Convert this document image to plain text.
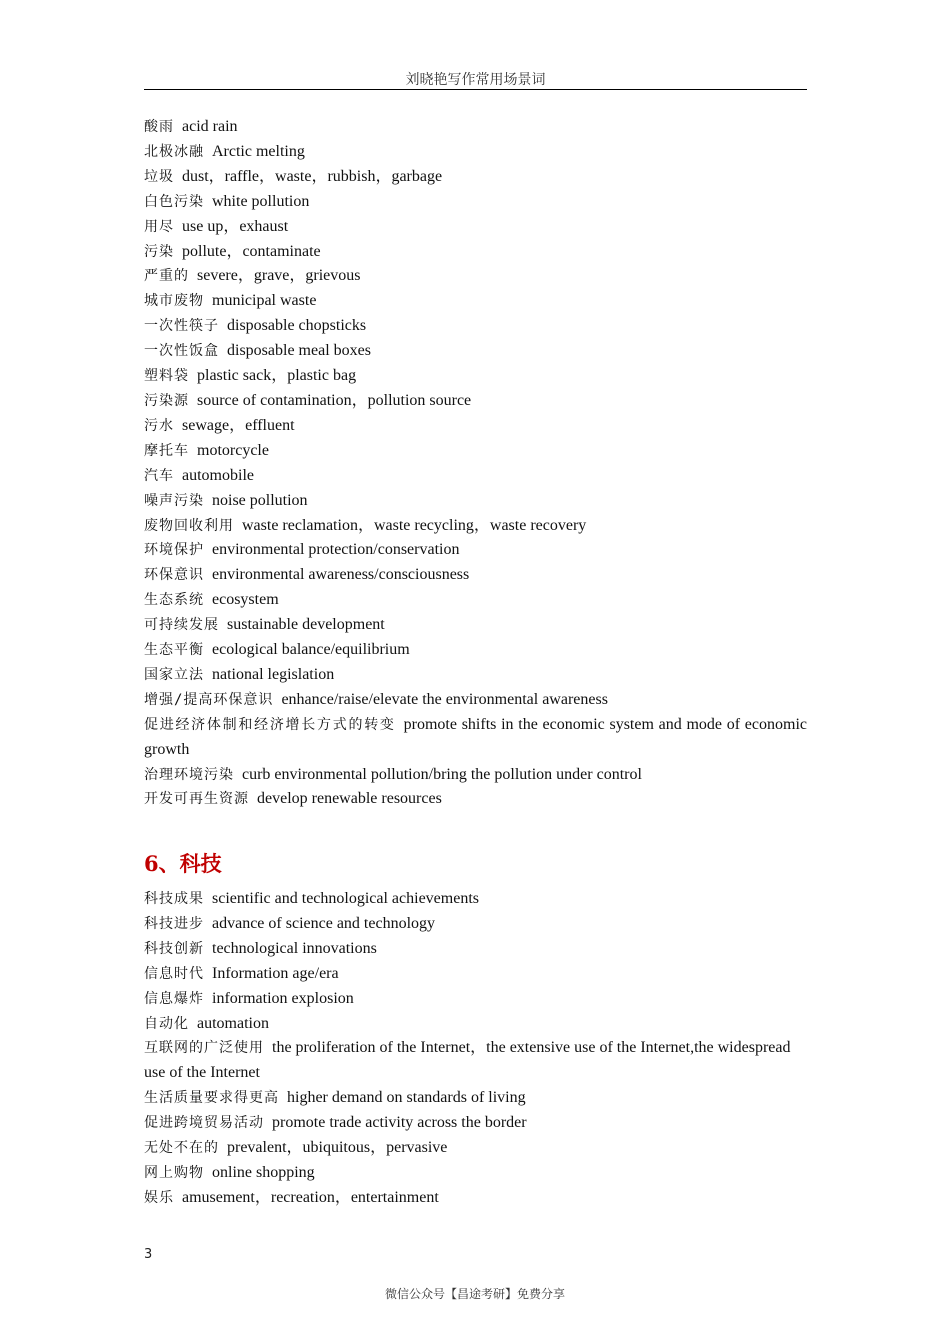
刘晓艳写作常用场景词
酸雨 acid rain
北极冰融 Arctic melting
垃圾 dust，raffle，waste，rubbish，garbage
白色污染 white pollution
用尽 use up，exhaust
污染 pollute，contaminate
严重的 severe，grave，grievous
城市废物 municipal waste
一次性筷子 disposable chopsticks
一次性饭盒 disposable meal boxes
塑料袋 plastic sack，plastic bag
污染源 source of contamination，pollution source
污水 sewage，effluent
摩托车 motorcycle
汽车 automobile
噪声污染 noise pollution
废物回收利用 waste reclamation，waste recycling，waste recovery
环境保护 environmental protection/conservation
环保意识 environmental awareness/consciousness
生态系统 ecosystem
可持续发展 sustainable development
生态平衡 ecological balance/equilibrium
国家立法 national legislation
增强/提高环保意识 enhance/raise/elevate the environmental awareness
促进经济体制和经济增长方式的转变 promote shifts in the economic system and mode of economic growth
治理环境污染 curb environmental pollution/bring the pollution under control
开发可再生资源 develop renewable resources
6、科技
科技成果 scientific and technological achievements
科技进步 advance of science and technology
科技创新 technological innovations
信息时代 Information age/era
信息爆炸 information explosion
自动化 automation
互联网的广泛使用 the proliferation of the Internet，the extensive use of the Internet,the widespread use of the Internet
生活质量要求得更高 higher demand on standards of living
促进跨境贸易活动 promote trade activity across the border
无处不在的 prevalent，ubiquitous，pervasive
网上购物 online shopping
娱乐 amusement，recreation，entertainment
3
微信公众号【昌途考研】免费分享
